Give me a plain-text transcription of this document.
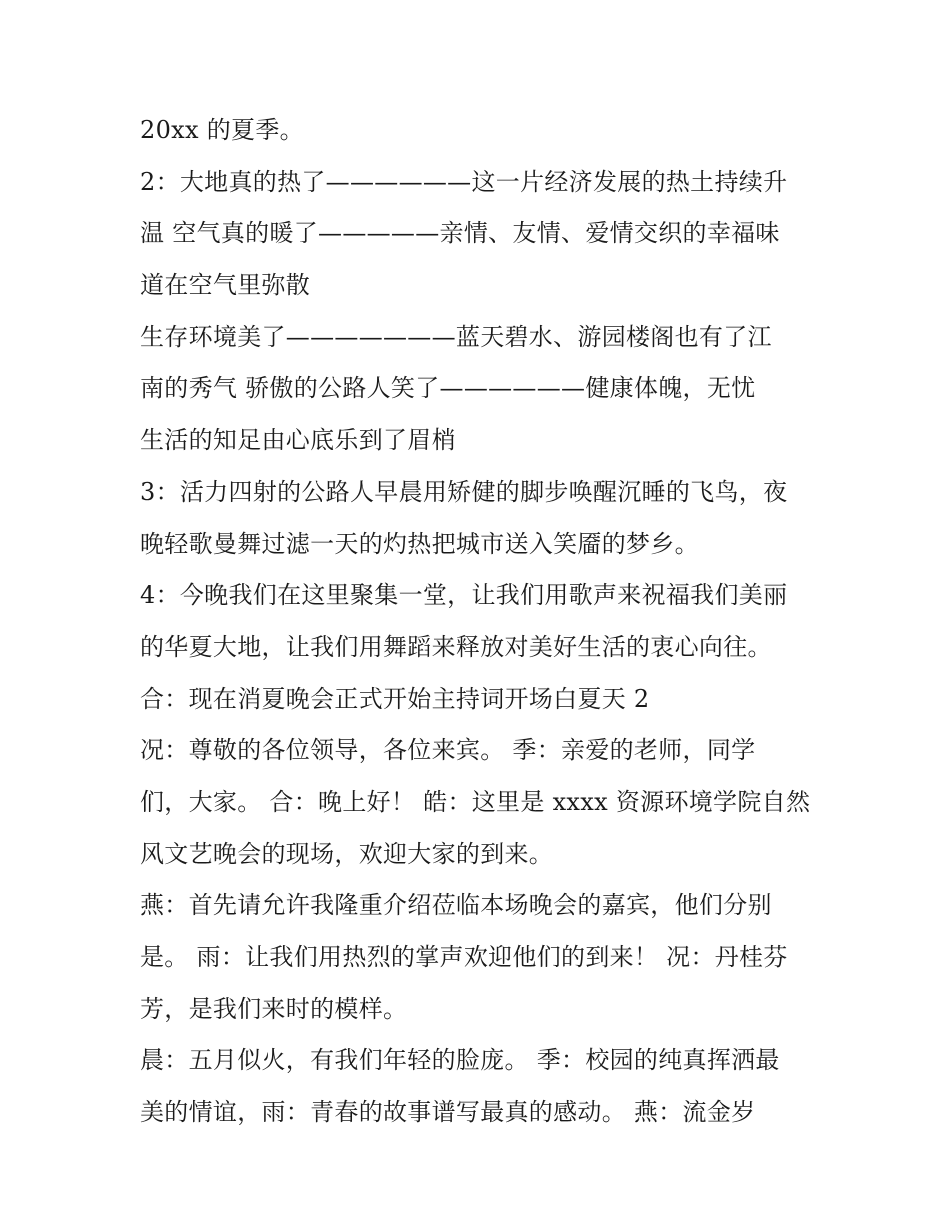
20xx 的夏季。
2：大地真的热了——————这一片经济发展的热土持续升
温 空气真的暖了—————亲情、友情、爱情交织的幸福味
道在空气里弥散
生存环境美了———————蓝天碧水、游园楼阁也有了江
南的秀气 骄傲的公路人笑了——————健康体魄，无忧
生活的知足由心底乐到了眉梢
3：活力四射的公路人早晨用矫健的脚步唤醒沉睡的飞鸟，夜
晚轻歌曼舞过滤一天的灼热把城市送入笑靥的梦乡。
4：今晚我们在这里聚集一堂，让我们用歌声来祝福我们美丽
的华夏大地，让我们用舞蹈来释放对美好生活的衷心向往。
合：现在消夏晚会正式开始主持词开场白夏天 2
况：尊敬的各位领导，各位来宾。 季：亲爱的老师，同学
们，大家。 合：晚上好！ 皓：这里是 xxxx 资源环境学院自然
风文艺晚会的现场，欢迎大家的到来。
燕：首先请允许我隆重介绍莅临本场晚会的嘉宾，他们分别
是。 雨：让我们用热烈的掌声欢迎他们的到来！ 况：丹桂芬
芳，是我们来时的模样。
晨：五月似火，有我们年轻的脸庞。 季：校园的纯真挥洒最
美的情谊，雨：青春的故事谱写最真的感动。 燕：流金岁
